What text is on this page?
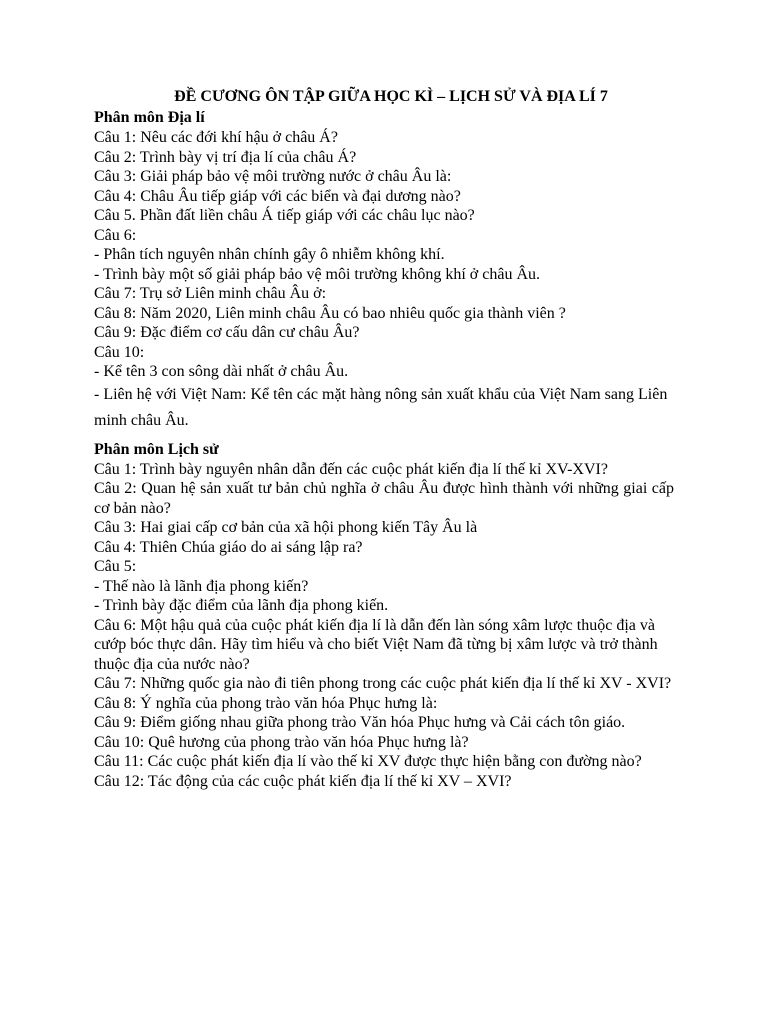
ĐỀ CƯƠNG ÔN TẬP GIỮA HỌC KÌ – LỊCH SỬ VÀ ĐỊA LÍ 7
Phân môn Địa lí
Câu 1: Nêu các đới khí hậu ở châu Á?
Câu 2: Trình bày vị trí địa lí của châu Á?
Câu 3: Giải pháp bảo vệ môi trường nước ở châu Âu là:
Câu 4: Châu Âu tiếp giáp với các biển và đại dương nào?
Câu 5. Phần đất liền châu Á tiếp giáp với các châu lục nào?
Câu 6:
- Phân tích nguyên nhân chính gây ô nhiễm không khí.
- Trình bày một số giải pháp bảo vệ môi trường không khí ở châu Âu.
Câu 7: Trụ sở Liên minh châu Âu ở:
Câu 8: Năm 2020, Liên minh châu Âu có bao nhiêu quốc gia thành viên ?
Câu 9: Đặc điểm cơ cấu dân cư châu Âu?
Câu 10:
- Kể tên 3 con sông dài nhất ở châu Âu.
- Liên hệ với Việt Nam: Kể tên các mặt hàng nông sản xuất khẩu của Việt Nam sang Liên minh châu Âu.
Phân môn Lịch sử
Câu 1: Trình bày nguyên nhân dẫn đến các cuộc phát kiến địa lí thế kỉ XV-XVI?
Câu 2: Quan hệ sản xuất tư bản chủ nghĩa ở châu Âu được hình thành với những giai cấp cơ bản nào?
Câu 3: Hai giai cấp cơ bản của xã hội phong kiến Tây Âu là
Câu 4: Thiên Chúa giáo do ai sáng lập ra?
Câu 5:
- Thế nào là lãnh địa phong kiến?
- Trình bày đặc điểm của lãnh địa phong kiến.
Câu 6: Một hậu quả của cuộc phát kiến địa lí là dẫn đến làn sóng xâm lược thuộc địa và cướp bóc thực dân. Hãy tìm hiểu và cho biết Việt Nam đã từng bị xâm lược và trở thành thuộc địa của nước nào?
Câu 7: Những quốc gia nào đi tiên phong trong các cuộc phát kiến địa lí thế kỉ XV - XVI?
Câu 8: Ý nghĩa của phong trào văn hóa Phục hưng là:
Câu 9: Điểm giống nhau giữa phong trào Văn hóa Phục hưng và Cải cách tôn giáo.
Câu 10: Quê hương của phong trào văn hóa Phục hưng là?
Câu 11: Các cuộc phát kiến địa lí vào thế kỉ XV được thực hiện bằng con đường nào?
Câu 12: Tác động của các cuộc phát kiến địa lí thế kỉ XV – XVI?
